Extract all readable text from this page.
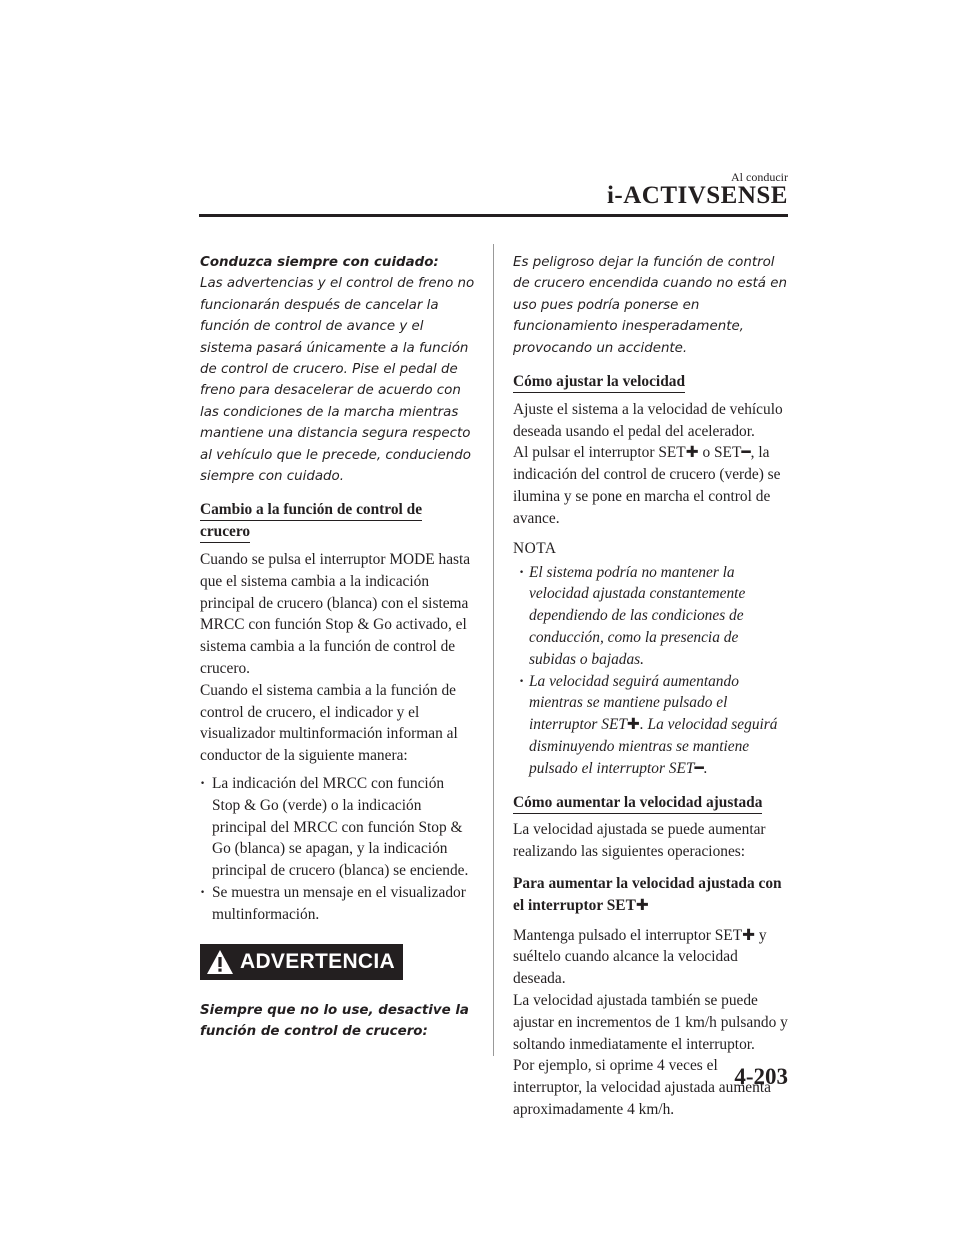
Al conducir
i-ACTIVSENSE
Conduzca siempre con cuidado:
Las advertencias y el control de freno no funcionarán después de cancelar la función de control de avance y el sistema pasará únicamente a la función de control de crucero. Pise el pedal de freno para desacelerar de acuerdo con las condiciones de la marcha mientras mantiene una distancia segura respecto al vehículo que le precede, conduciendo siempre con cuidado.
Cambio a la función de control de
crucero

Cuando se pulsa el interruptor MODE hasta que el sistema cambia a la indicación principal de crucero (blanca) con el sistema MRCC con función Stop & Go activado, el sistema cambia a la función de control de crucero.

Cuando el sistema cambia a la función de control de crucero, el indicador y el visualizador multinformación informan al conductor de la siguiente manera:

· La indicación del MRCC con función Stop & Go (verde) o la indicación principal del MRCC con función Stop & Go (blanca) se apagan, y la indicación principal de crucero (blanca) se enciende.
· Se muestra un mensaje en el visualizador multinformación.
ADVERTENCIA
Siempre que no lo use, desactive la función de control de crucero:
Es peligroso dejar la función de control de crucero encendida cuando no está en uso pues podría ponerse en funcionamiento inesperadamente, provocando un accidente.
Cómo ajustar la velocidad

Ajuste el sistema a la velocidad de vehículo deseada usando el pedal del acelerador.

Al pulsar el interruptor SET✚ o SET━, la indicación del control de crucero (verde) se ilumina y se pone en marcha el control de avance.

NOTA
· El sistema podría no mantener la velocidad ajustada constantemente dependiendo de las condiciones de conducción, como la presencia de subidas o bajadas.
· La velocidad seguirá aumentando mientras se mantiene pulsado el interruptor SET✚. La velocidad seguirá disminuyendo mientras se mantiene pulsado el interruptor SET━.
Cómo aumentar la velocidad ajustada

La velocidad ajustada se puede aumentar realizando las siguientes operaciones:

Para aumentar la velocidad ajustada con el interruptor SET✚

Mantenga pulsado el interruptor SET✚ y suéltelo cuando alcance la velocidad deseada.

La velocidad ajustada también se puede ajustar en incrementos de 1 km/h pulsando y soltando inmediatamente el interruptor.

Por ejemplo, si oprime 4 veces el interruptor, la velocidad ajustada aumenta aproximadamente 4 km/h.

4-203
